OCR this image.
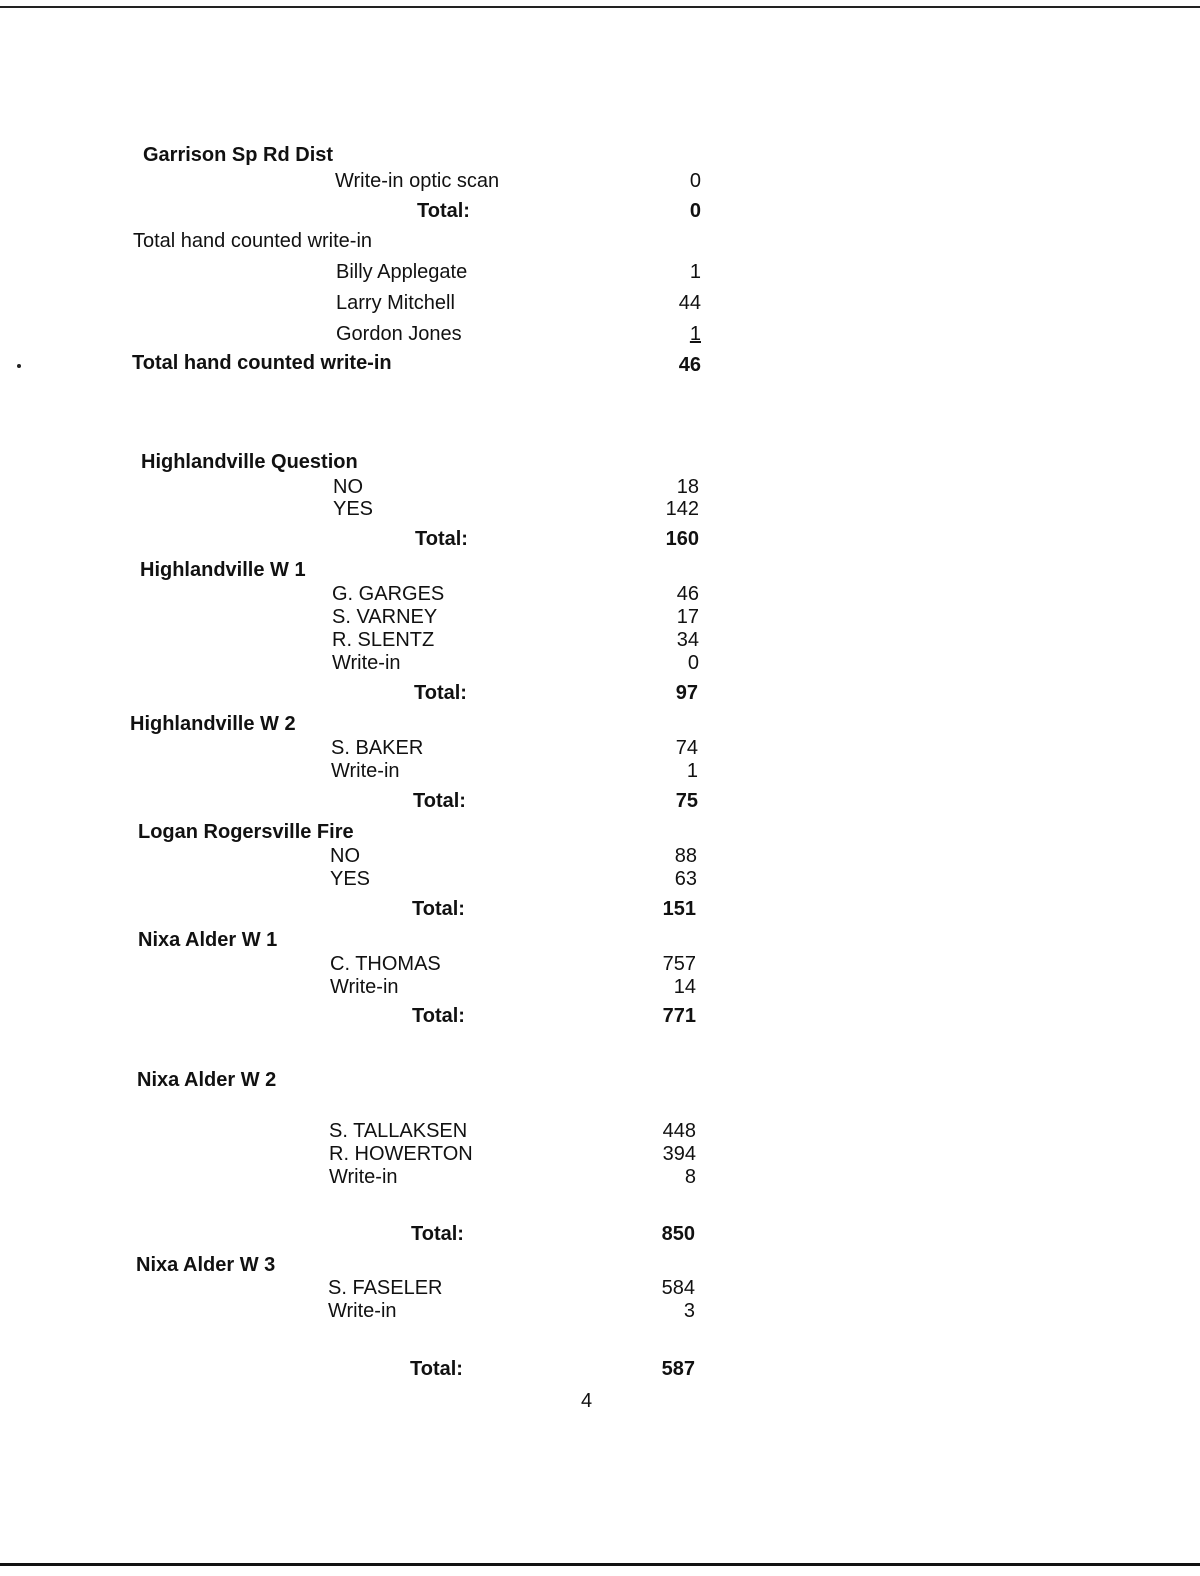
Garrison Sp Rd Dist
Write-in optic scan	0
Total:	0
Total hand counted write-in
Billy Applegate	1
Larry Mitchell	44
Gordon Jones	1
Total hand counted write-in	46
Highlandville Question
NO	18
YES	142
Total:	160
Highlandville W 1
G. GARGES	46
S. VARNEY	17
R. SLENTZ	34
Write-in	0
Total:	97
Highlandville W 2
S. BAKER	74
Write-in	1
Total:	75
Logan Rogersville Fire
NO	88
YES	63
Total:	151
Nixa Alder W 1
C. THOMAS	757
Write-in	14
Total:	771
Nixa Alder W 2
S. TALLAKSEN	448
R. HOWERTON	394
Write-in	8
Total:	850
Nixa Alder W 3
S. FASELER	584
Write-in	3
Total:	587
4
